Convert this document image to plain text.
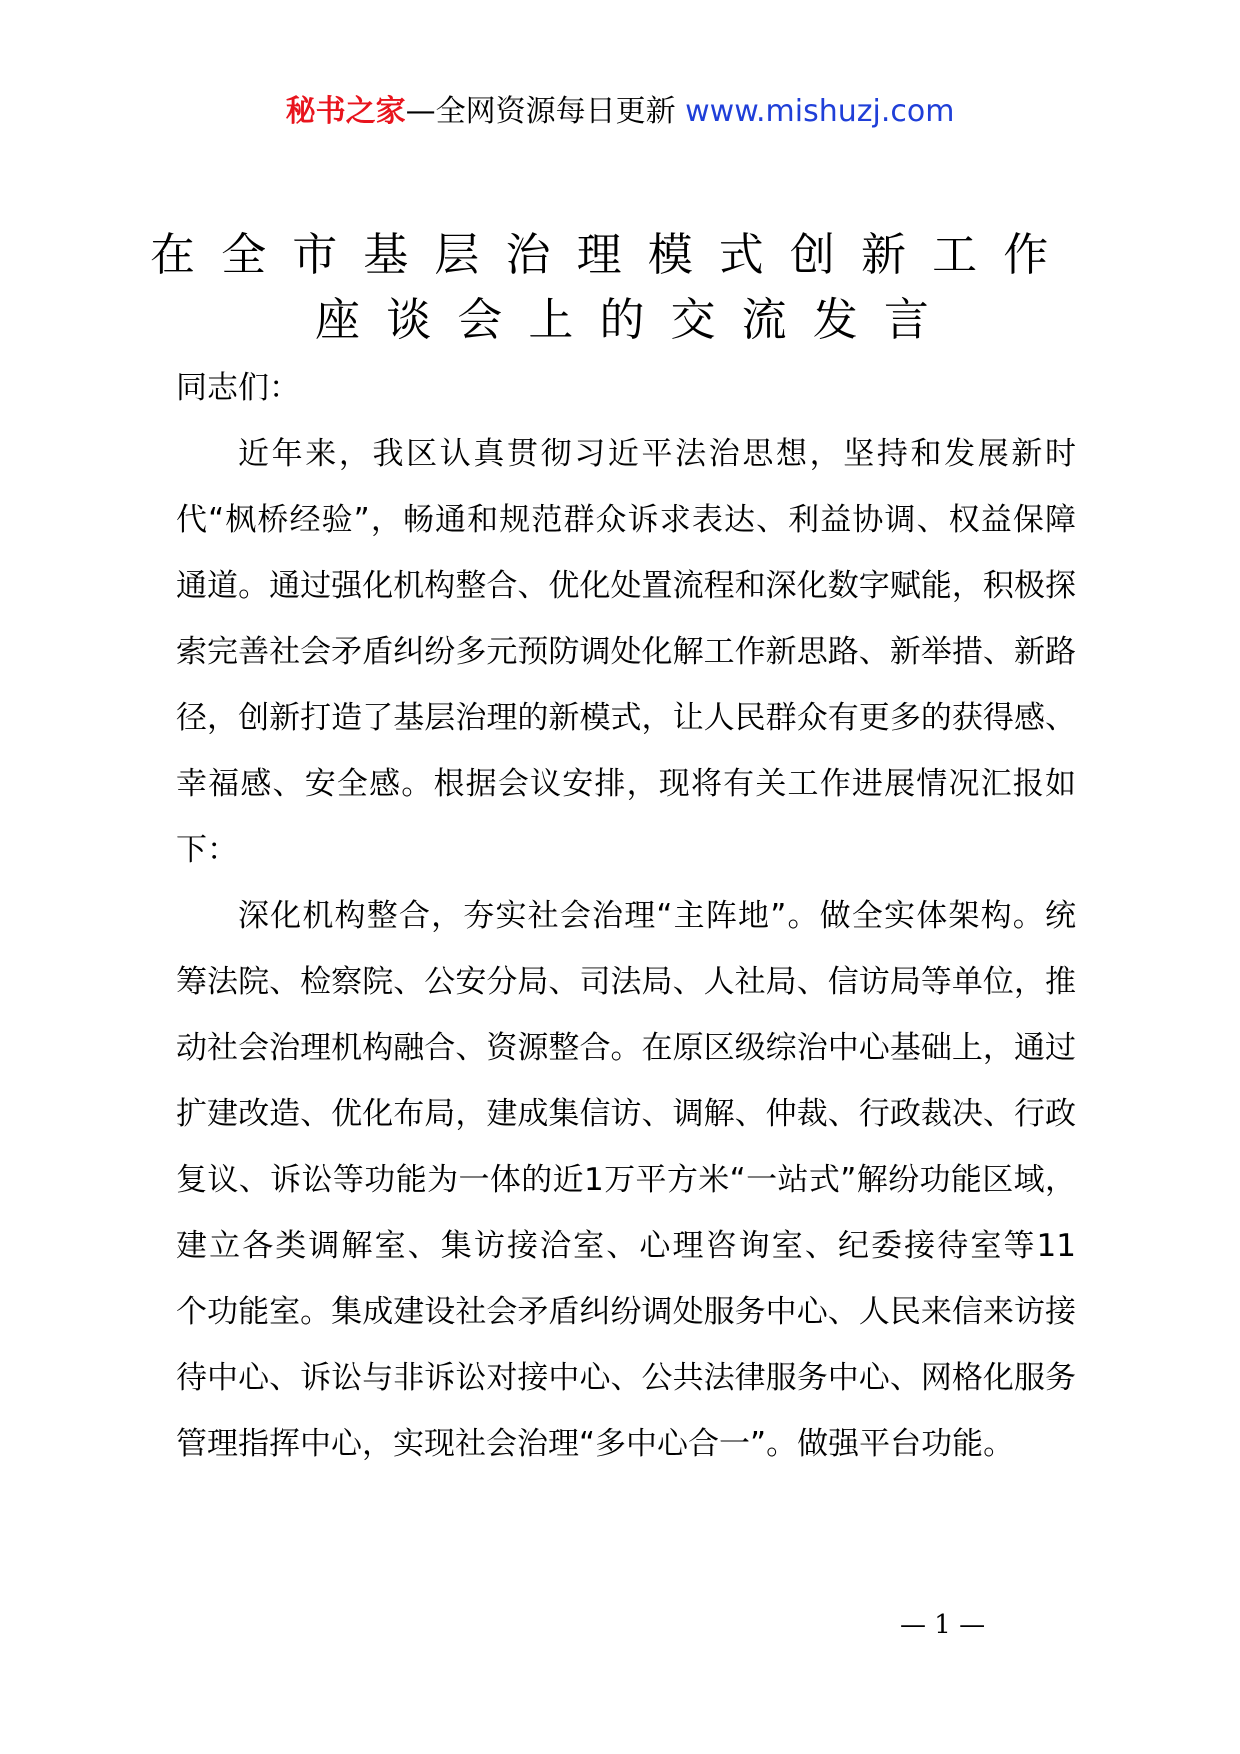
秘书之家—全网资源每日更新 www.mishuzj.com
在全市基层治理模式创新工作
座谈会上的交流发言
同志们：

近年来，我区认真贯彻习近平法治思想，坚持和发展新时代“枫桥经验”，畅通和规范群众诉求表达、利益协调、权益保障通道。通过强化机构整合、优化处置流程和深化数字赋能，积极探索完善社会矛盾纠纷多元预防调处化解工作新思路、新举措、新路径，创新打造了基层治理的新模式，让人民群众有更多的获得感、幸福感、安全感。根据会议安排，现将有关工作进展情况汇报如下：

深化机构整合，夯实社会治理“主阵地”。做全实体架构。统筹法院、检察院、公安分局、司法局、人社局、信访局等单位，推动社会治理机构融合、资源整合。在原区级综治中心基础上，通过扩建改造、优化布局，建成集信访、调解、仲裁、行政裁决、行政复议、诉讼等功能为一体的近1万平方米“一站式”解纷功能区域，建立各类调解室、集访接洽室、心理咨询室、纪委接待室等11　个功能室。集成建设社会矛盾纠纷调处服务中心、人民来信来访接待中心、诉讼与非诉讼对接中心、公共法律服务中心、网格化服务管理指挥中心，实现社会治理“多中心合一”。做强平台功能。

— 1 —
